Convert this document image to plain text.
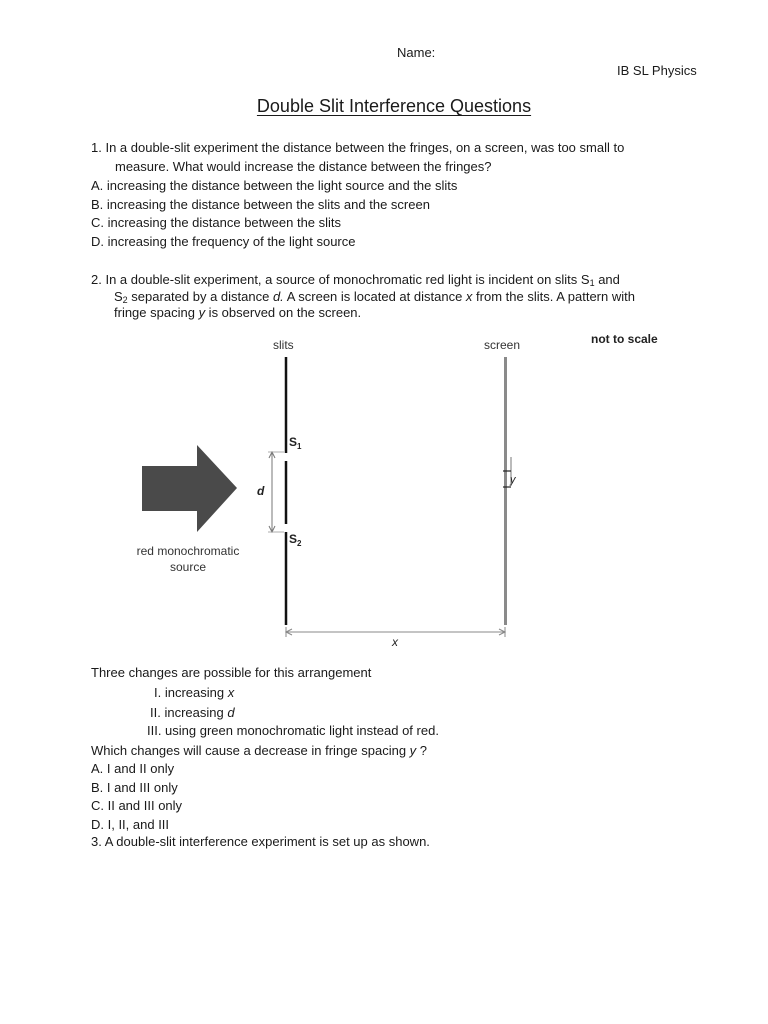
Name:
IB SL Physics
Double Slit Interference Questions
1. In a double-slit experiment the distance between the fringes, on a screen, was too small to
measure. What would increase the distance between the fringes?
A. increasing the distance between the light source and the slits
B. increasing the distance between the slits and the screen
C. increasing the distance between the slits
D. increasing the frequency of the light source
2. In a double-slit experiment, a source of monochromatic red light is incident on slits $S_1$ and
$S_2$ separated by a distance d. A screen is located at distance x from the slits. A pattern with
fringe spacing y is observed on the screen.
slits	screen	not to scale
$S_1$
$S_2$
d
red monochromatic
source
y
x
Three changes are possible for this arrangement
I. increasing x
II. increasing d
III. using green monochromatic light instead of red.
Which changes will cause a decrease in fringe spacing y ?
A. I and II only
B. I and III only
C. II and III only
D. I, II, and III
3. A double-slit interference experiment is set up as shown.
